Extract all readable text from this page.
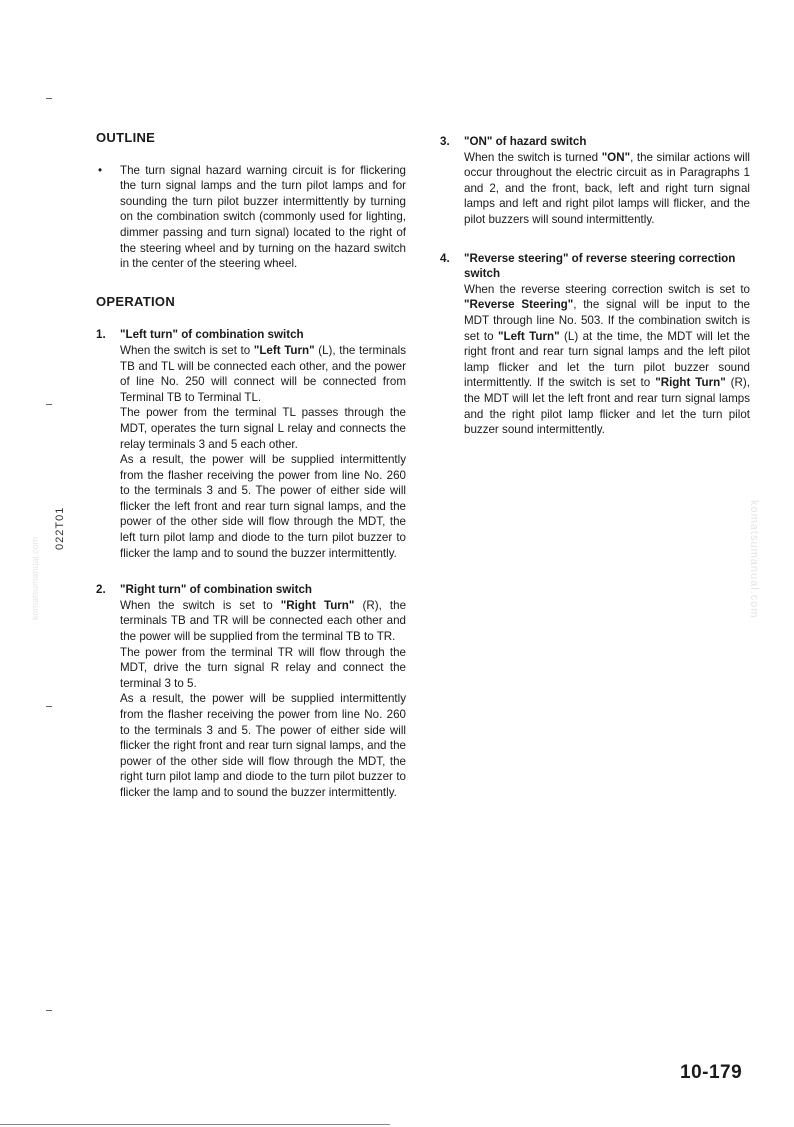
022T01
komatsumanual.com	komatsumanual.com
OUTLINE
• The turn signal hazard warning circuit is for flickering the turn signal lamps and the turn pilot lamps and for sounding the turn pilot buzzer intermittently by turning on the combination switch (commonly used for lighting, dimmer passing and turn signal) located to the right of the steering wheel and by turning on the hazard switch in the center of the steering wheel.
OPERATION
1. "Left turn" of combination switch

When the switch is set to "Left Turn" (L), the terminals TB and TL will be connected each other, and the power of line No. 250 will connect will be connected from Terminal TB to Terminal TL.

The power from the terminal TL passes through the MDT, operates the turn signal L relay and connects the relay terminals 3 and 5 each other.

As a result, the power will be supplied intermittently from the flasher receiving the power from line No. 260 to the terminals 3 and 5. The power of either side will flicker the left front and rear turn signal lamps, and the power of the other side will flow through the MDT, the left turn pilot lamp and diode to the turn pilot buzzer to flicker the lamp and to sound the buzzer intermittently.

2. "Right turn" of combination switch

When the switch is set to "Right Turn" (R), the terminals TB and TR will be connected each other and the power will be supplied from the terminal TB to TR.

The power from the terminal TR will flow through the MDT, drive the turn signal R relay and connect the terminal 3 to 5.

As a result, the power will be supplied intermittently from the flasher receiving the power from line No. 260 to the terminals 3 and 5. The power of either side will flicker the right front and rear turn signal lamps, and the power of the other side will flow through the MDT, the right turn pilot lamp and diode to the turn pilot buzzer to flicker the lamp and to sound the buzzer intermittently.

3. "ON" of hazard switch

When the switch is turned "ON", the similar actions will occur throughout the electric circuit as in Paragraphs 1 and 2, and the front, back, left and right turn signal lamps and left and right pilot lamps will flicker, and the pilot buzzers will sound intermittently.

4. "Reverse steering" of reverse steering correction switch

When the reverse steering correction switch is set to "Reverse Steering", the signal will be input to the MDT through line No. 503. If the combination switch is set to "Left Turn" (L) at the time, the MDT will let the right front and rear turn signal lamps and the left pilot lamp flicker and let the turn pilot buzzer sound intermittently. If the switch is set to "Right Turn" (R), the MDT will let the left front and rear turn signal lamps and the right pilot lamp flicker and let the turn pilot buzzer sound intermittently.

10-179
